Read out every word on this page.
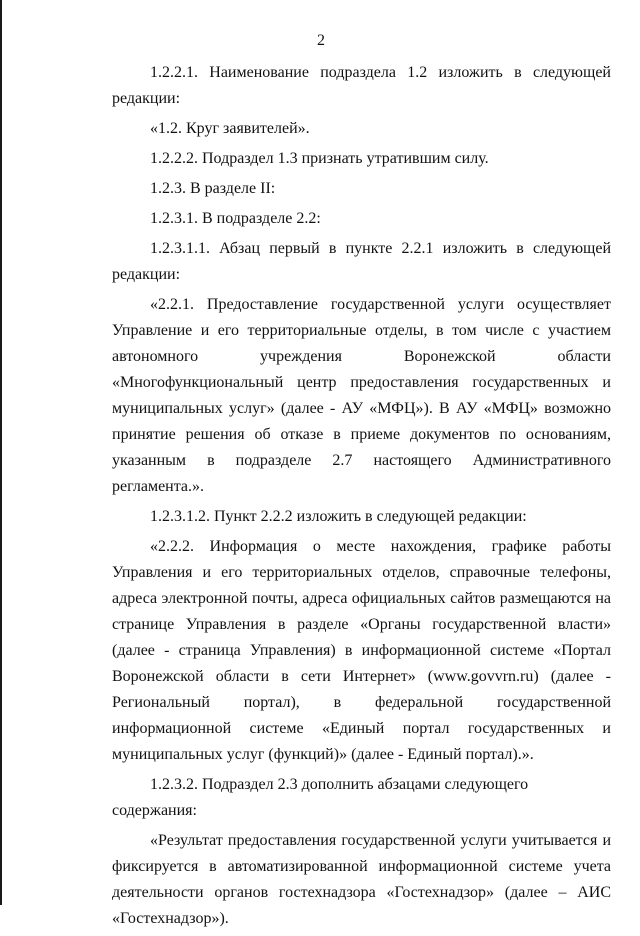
2

1.2.2.1. Наименование подраздела 1.2 изложить в следующей редакции:

«1.2. Круг заявителей».

1.2.2.2. Подраздел 1.3 признать утратившим силу.

1.2.3. В разделе II:

1.2.3.1. В подразделе 2.2:

1.2.3.1.1. Абзац первый в пункте 2.2.1 изложить в следующей редакции:

«2.2.1. Предоставление государственной услуги осуществляет Управление и его территориальные отделы, в том числе с участием автономного учреждения Воронежской области «Многофункциональный центр предоставления государственных и муниципальных услуг» (далее - АУ «МФЦ»). В АУ «МФЦ» возможно принятие решения об отказе в приеме документов по основаниям, указанным в подразделе 2.7 настоящего Административного регламента.».

1.2.3.1.2. Пункт 2.2.2 изложить в следующей редакции:

«2.2.2. Информация о месте нахождения, графике работы Управления и его территориальных отделов, справочные телефоны, адреса электронной почты, адреса официальных сайтов размещаются на странице Управления в разделе «Органы государственной власти» (далее - страница Управления) в информационной системе «Портал Воронежской области в сети Интернет» (www.govvrn.ru) (далее - Региональный портал), в федеральной государственной информационной системе «Единый портал государственных и муниципальных услуг (функций)» (далее - Единый портал).».

1.2.3.2. Подраздел 2.3 дополнить абзацами следующего содержания:

«Результат предоставления государственной услуги учитывается и фиксируется в автоматизированной информационной системе учета деятельности органов гостехнадзора «Гостехнадзор» (далее – АИС «Гостехнадзор»).
